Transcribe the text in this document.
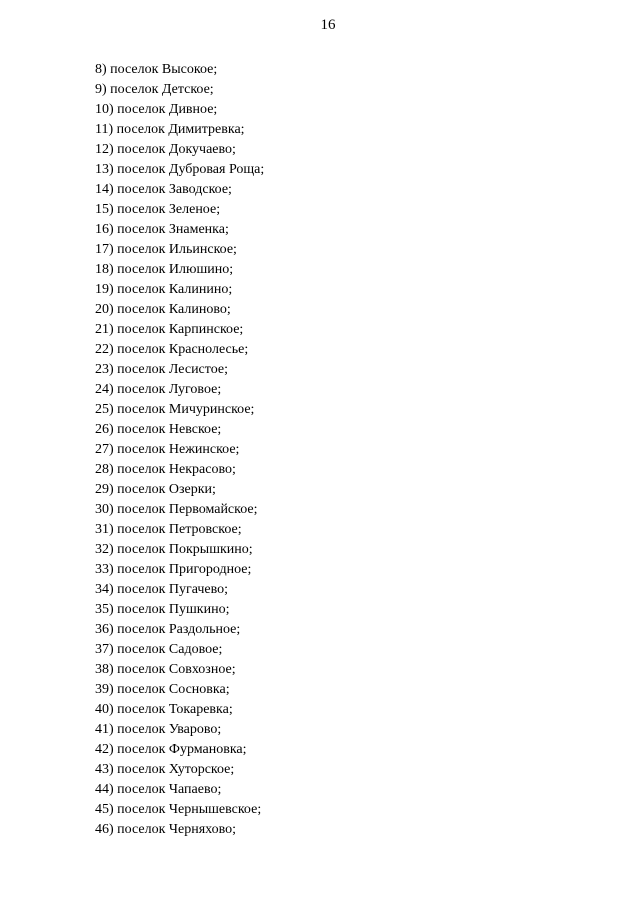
16
8) поселок Высокое;
9) поселок Детское;
10) поселок Дивное;
11) поселок Димитревка;
12) поселок Докучаево;
13) поселок Дубровая Роща;
14) поселок Заводское;
15) поселок Зеленое;
16) поселок Знаменка;
17) поселок Ильинское;
18) поселок Илюшино;
19) поселок Калинино;
20) поселок Калиново;
21) поселок Карпинское;
22) поселок Краснолесье;
23) поселок Лесистое;
24) поселок Луговое;
25) поселок Мичуринское;
26) поселок Невское;
27) поселок Нежинское;
28) поселок Некрасово;
29) поселок Озерки;
30) поселок Первомайское;
31) поселок Петровское;
32) поселок Покрышкино;
33) поселок Пригородное;
34) поселок Пугачево;
35) поселок Пушкино;
36) поселок Раздольное;
37) поселок Садовое;
38) поселок Совхозное;
39) поселок Сосновка;
40) поселок Токаревка;
41) поселок Уварово;
42) поселок Фурмановка;
43) поселок Хуторское;
44) поселок Чапаево;
45) поселок Чернышевское;
46) поселок Черняхово;
